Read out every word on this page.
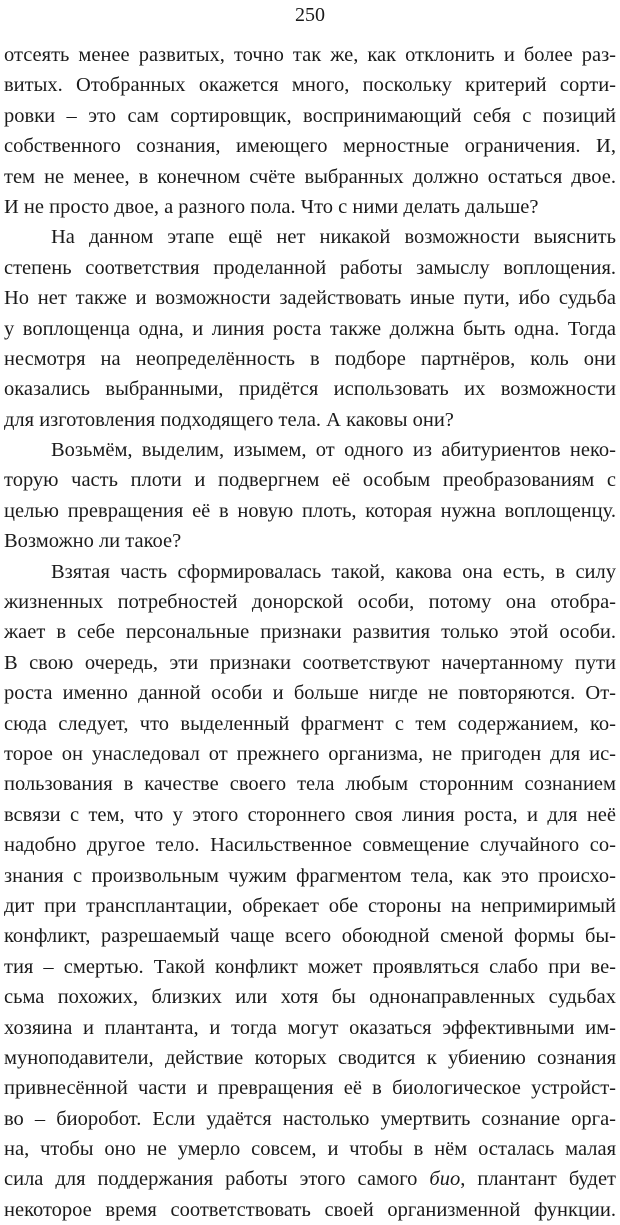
250
отсеять менее развитых, точно так же, как отклонить и более раз-
витых. Отобранных окажется много, поскольку критерий сорти-
ровки – это сам сортировщик, воспринимающий себя с позиций
собственного сознания, имеющего мерностные ограничения. И,
тем не менее, в конечном счёте выбранных должно остаться двое.
И не просто двое, а разного пола. Что с ними делать дальше?
На данном этапе ещё нет никакой возможности выяснить
степень соответствия проделанной работы замыслу воплощения.
Но нет также и возможности задействовать иные пути, ибо судьба
у воплощенца одна, и линия роста также должна быть одна. Тогда
несмотря на неопределённость в подборе партнёров, коль они
оказались выбранными, придётся использовать их возможности
для изготовления подходящего тела. А каковы они?
Возьмём, выделим, изымем, от одного из абитуриентов неко-
торую часть плоти и подвергнем её особым преобразованиям с
целью превращения её в новую плоть, которая нужна воплощенцу.
Возможно ли такое?
Взятая часть сформировалась такой, какова она есть, в силу
жизненных потребностей донорской особи, потому она отобра-
жает в себе персональные признаки развития только этой особи.
В свою очередь, эти признаки соответствуют начертанному пути
роста именно данной особи и больше нигде не повторяются. От-
сюда следует, что выделенный фрагмент с тем содержанием, ко-
торое он унаследовал от прежнего организма, не пригоден для ис-
пользования в качестве своего тела любым сторонним сознанием
всвязи с тем, что у этого стороннего своя линия роста, и для неё
надобно другое тело. Насильственное совмещение случайного со-
знания с произвольным чужим фрагментом тела, как это происхо-
дит при трансплантации, обрекает обе стороны на непримиримый
конфликт, разрешаемый чаще всего обоюдной сменой формы бы-
тия – смертью. Такой конфликт может проявляться слабо при ве-
сьма похожих, близких или хотя бы однонаправленных судьбах
хозяина и плантанта, и тогда могут оказаться эффективными им-
муноподавители, действие которых сводится к убиению сознания
привнесённой части и превращения её в биологическое устройст-
во – биоробот. Если удаётся настолько умертвить сознание орга-
на, чтобы оно не умерло совсем, и чтобы в нём осталась малая
сила для поддержания работы этого самого био, плантант будет
некоторое время соответствовать своей организменной функции.
